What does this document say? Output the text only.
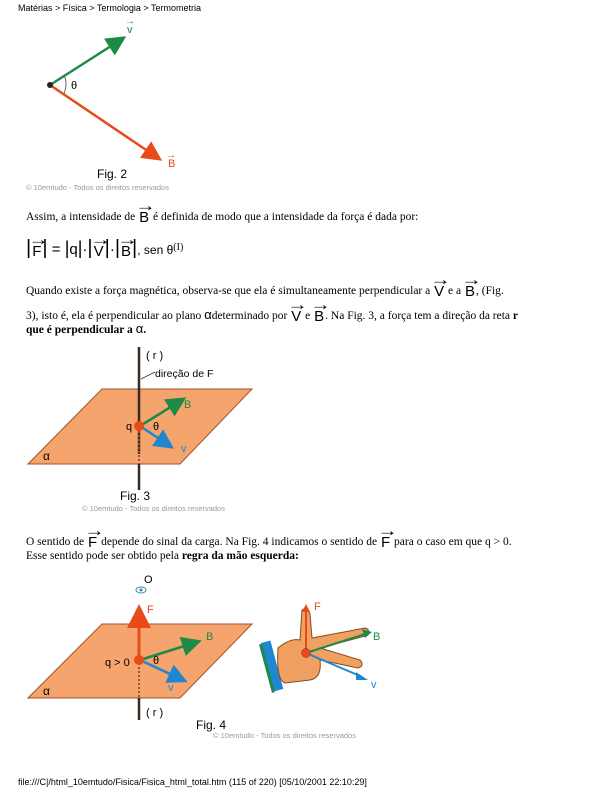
Matérias > Física > Termologia > Termometria
θ
v
→
B
→
Fig. 2
© 10emtudo - Todos os direitos reservados
Assim, a intensidade de → B é definida de modo que a intensidade da força é dada por:
|→ F| = |q|·|→ V|·|→ B|, sen $\theta^{(I)}$
Quando existe a força magnética, observa-se que ela é simultaneamente perpendicular a → V e a → B, (Fig.
3), isto é, ela é perpendicular ao plano αdeterminado por → V e → B. Na Fig. 3, a força tem a direção da reta r
que é perpendicular a α.
( r )
direção de F
q θ
B
v
α
Fig. 3
© 10emtudo - Todos os direitos reservados
O sentido de → F depende do sinal da carga. Na Fig. 4 indicamos o sentido de → F para o caso em que q > 0.
Esse sentido pode ser obtido pela regra da mão esquerda:
O
F
B
v
q > 0 θ
α
( r )
F
B
v
Fig. 4
© 10emtudo - Todos os direitos reservados
file:///C|/html_10emtudo/Fisica/Fisica_html_total.htm (115 of 220) [05/10/2001 22:10:29]
